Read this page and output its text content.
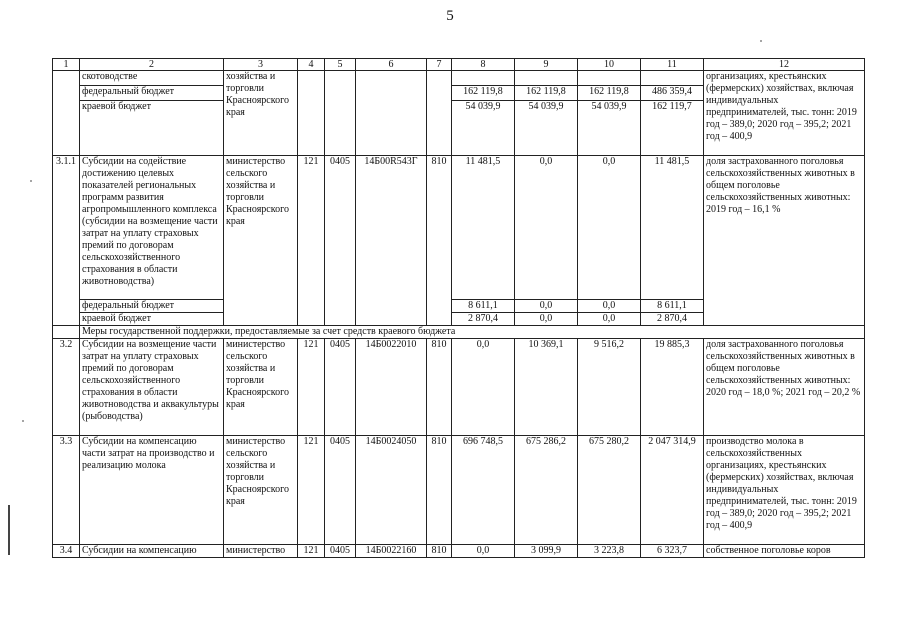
5
1	2	3	4	5	6	7	8	9	10	11	12
	скотоводстве	хозяйства и торговли Красноярского края									организациях, крестьянских (фермерских) хозяйствах, включая индивидуальных предпринимателей, тыс. тонн: 2019 год – 389,0; 2020 год – 395,2; 2021 год – 400,9
	федеральный бюджет						162 119,8	162 119,8	162 119,8	486 359,4	
	краевой бюджет						54 039,9	54 039,9	54 039,9	162 119,7	
3.1.1	Субсидии на содействие достижению целевых показателей региональных программ развития агропромышленного комплекса (субсидии на возмещение части затрат на уплату страховых премий по договорам сельскохозяйственного страхования в области животноводства)	министерство сельского хозяйства и торговли Красноярского края	121	0405	14Б00R543Г	810	11 481,5	0,0	0,0	11 481,5	доля застрахованного поголовья сельскохозяйственных животных в общем поголовье сельскохозяйственных животных: 2019 год – 16,1 %
	федеральный бюджет						8 611,1	0,0	0,0	8 611,1	
	краевой бюджет						2 870,4	0,0	0,0	2 870,4	
	Меры государственной поддержки, предоставляемые за счет средств краевого бюджета										
3.2	Субсидии на возмещение части затрат на уплату страховых премий по договорам сельскохозяйственного страхования в области животноводства и аквакультуры (рыбоводства)	министерство сельского хозяйства и торговли Красноярского края	121	0405	14Б0022010	810	0,0	10 369,1	9 516,2	19 885,3	доля застрахованного поголовья сельскохозяйственных животных в общем поголовье сельскохозяйственных животных: 2020 год – 18,0 %; 2021 год – 20,2 %
3.3	Субсидии на компенсацию части затрат на производство и реализацию молока	министерство сельского хозяйства и торговли Красноярского края	121	0405	14Б0024050	810	696 748,5	675 286,2	675 280,2	2 047 314,9	производство молока в сельскохозяйственных организациях, крестьянских (фермерских) хозяйствах, включая индивидуальных предпринимателей, тыс. тонн: 2019 год – 389,0; 2020 год – 395,2; 2021 год – 400,9
3.4	Субсидии на компенсацию	министерство	121	0405	14Б0022160	810	0,0	3 099,9	3 223,8	6 323,7	собственное поголовье коров
